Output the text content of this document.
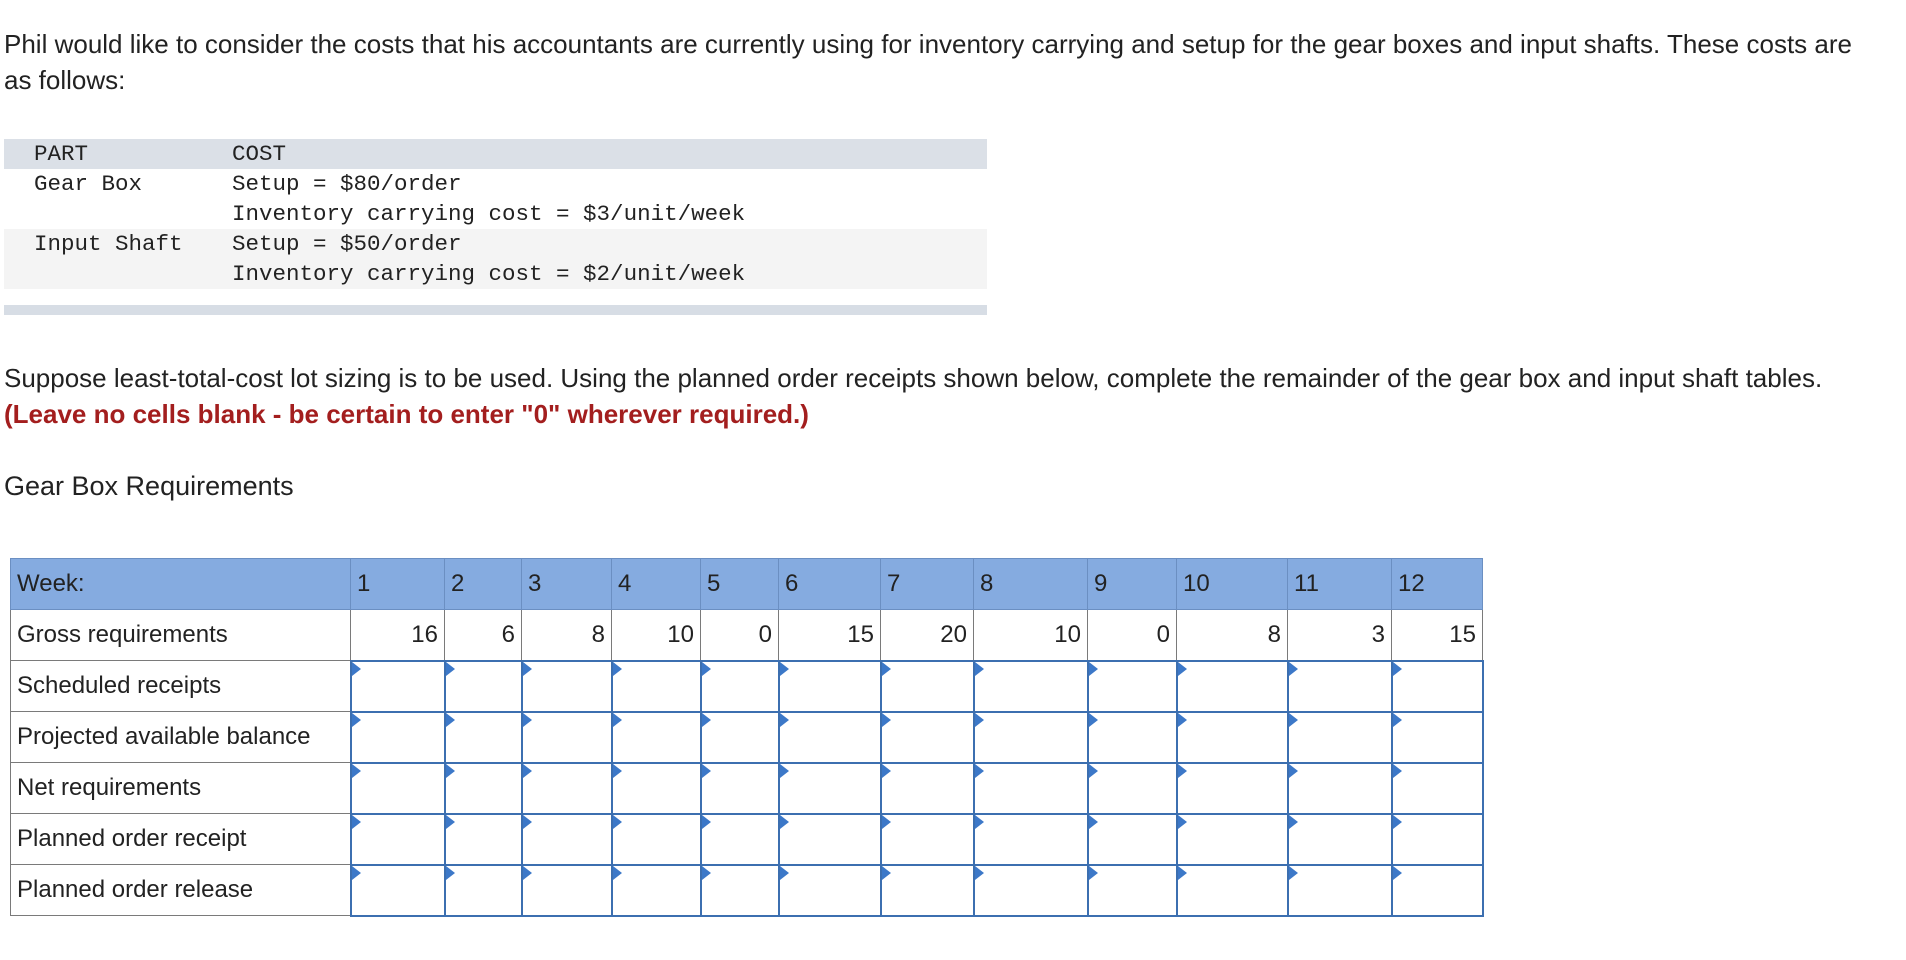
Phil would like to consider the costs that his accountants are currently using for inventory carrying and setup for the gear boxes and input shafts. These costs are as follows:

PART	COST
Gear Box	Setup = $80/order
Inventory carrying cost = $3/unit/week

Input Shaft	Setup = $50/order
Inventory carrying cost = $2/unit/week

Suppose least-total-cost lot sizing is to be used. Using the planned order receipts shown below, complete the remainder of the gear box and input shaft tables. (Leave no cells blank - be certain to enter "0" wherever required.)

Gear Box Requirements
Week:	1	2	3	4	5	6	7	8	9	10	11	12
Gross requirements	16	6	8	10	0	15	20	10	0	8	3	15
Scheduled receipts												
Projected available balance												
Net requirements												
Planned order receipt												
Planned order release												
